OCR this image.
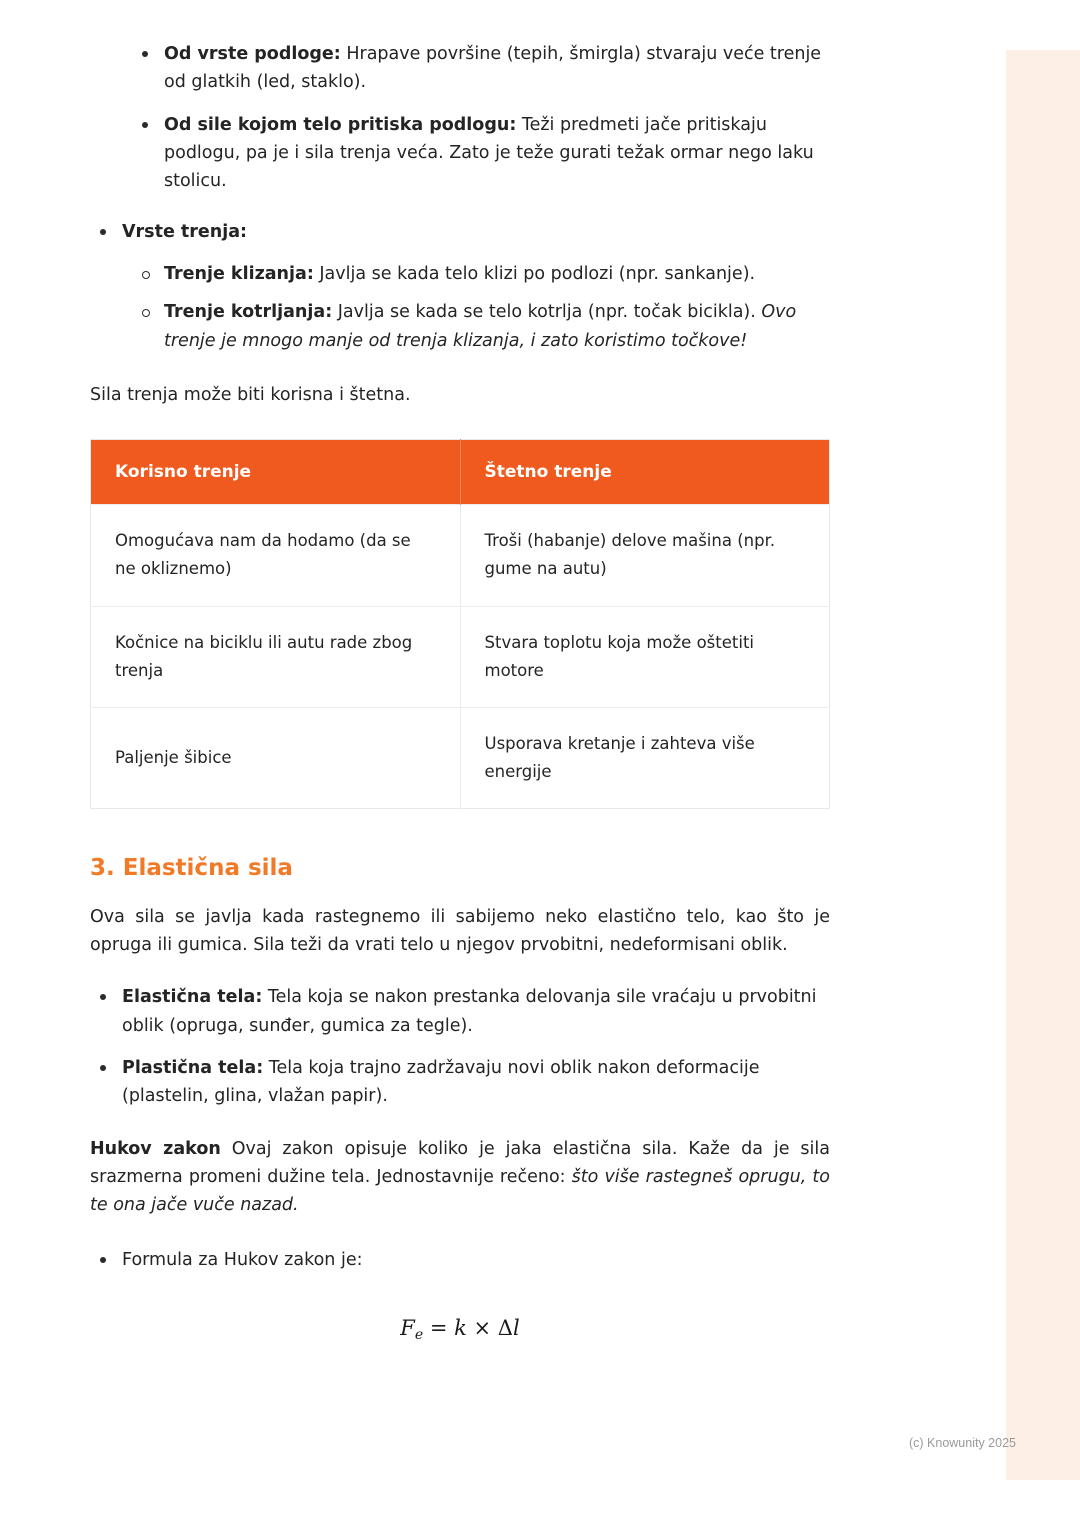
Od vrste podloge: Hrapave površine (tepih, šmirgla) stvaraju veće trenje od glatkih (led, staklo).
Od sile kojom telo pritiska podlogu: Teži predmeti jače pritiskaju podlogu, pa je i sila trenja veća. Zato je teže gurati težak ormar nego laku stolicu.
Vrste trenja:
Trenje klizanja: Javlja se kada telo klizi po podlozi (npr. sankanje).
Trenje kotrljanja: Javlja se kada se telo kotrlja (npr. točak bicikla). Ovo trenje je mnogo manje od trenja klizanja, i zato koristimo točkove!

Sila trenja može biti korisna i štetna.

Korisno trenje	Štetno trenje
Omogućava nam da hodamo (da se ne okliznemo)	Troši (habanje) delove mašina (npr. gume na autu)
Kočnice na biciklu ili autu rade zbog trenja	Stvara toplotu koja može oštetiti motore
Paljenje šibice	Usporava kretanje i zahteva više energije
3. Elastična sila

Ova sila se javlja kada rastegnemo ili sabijemo neko elastično telo, kao što je opruga ili gumica. Sila teži da vrati telo u njegov prvobitni, nedeformisani oblik.

Elastična tela: Tela koja se nakon prestanka delovanja sile vraćaju u prvobitni oblik (opruga, sunđer, gumica za tegle).
Plastična tela: Tela koja trajno zadržavaju novi oblik nakon deformacije (plastelin, glina, vlažan papir).

Hukov zakon Ovaj zakon opisuje koliko je jaka elastična sila. Kaže da je sila srazmerna promeni dužine tela. Jednostavnije rečeno: što više rastegneš oprugu, to te ona jače vuče nazad.

Formula za Hukov zakon je:
$F_e = k \times \Delta l$
(c) Knowunity 2025
